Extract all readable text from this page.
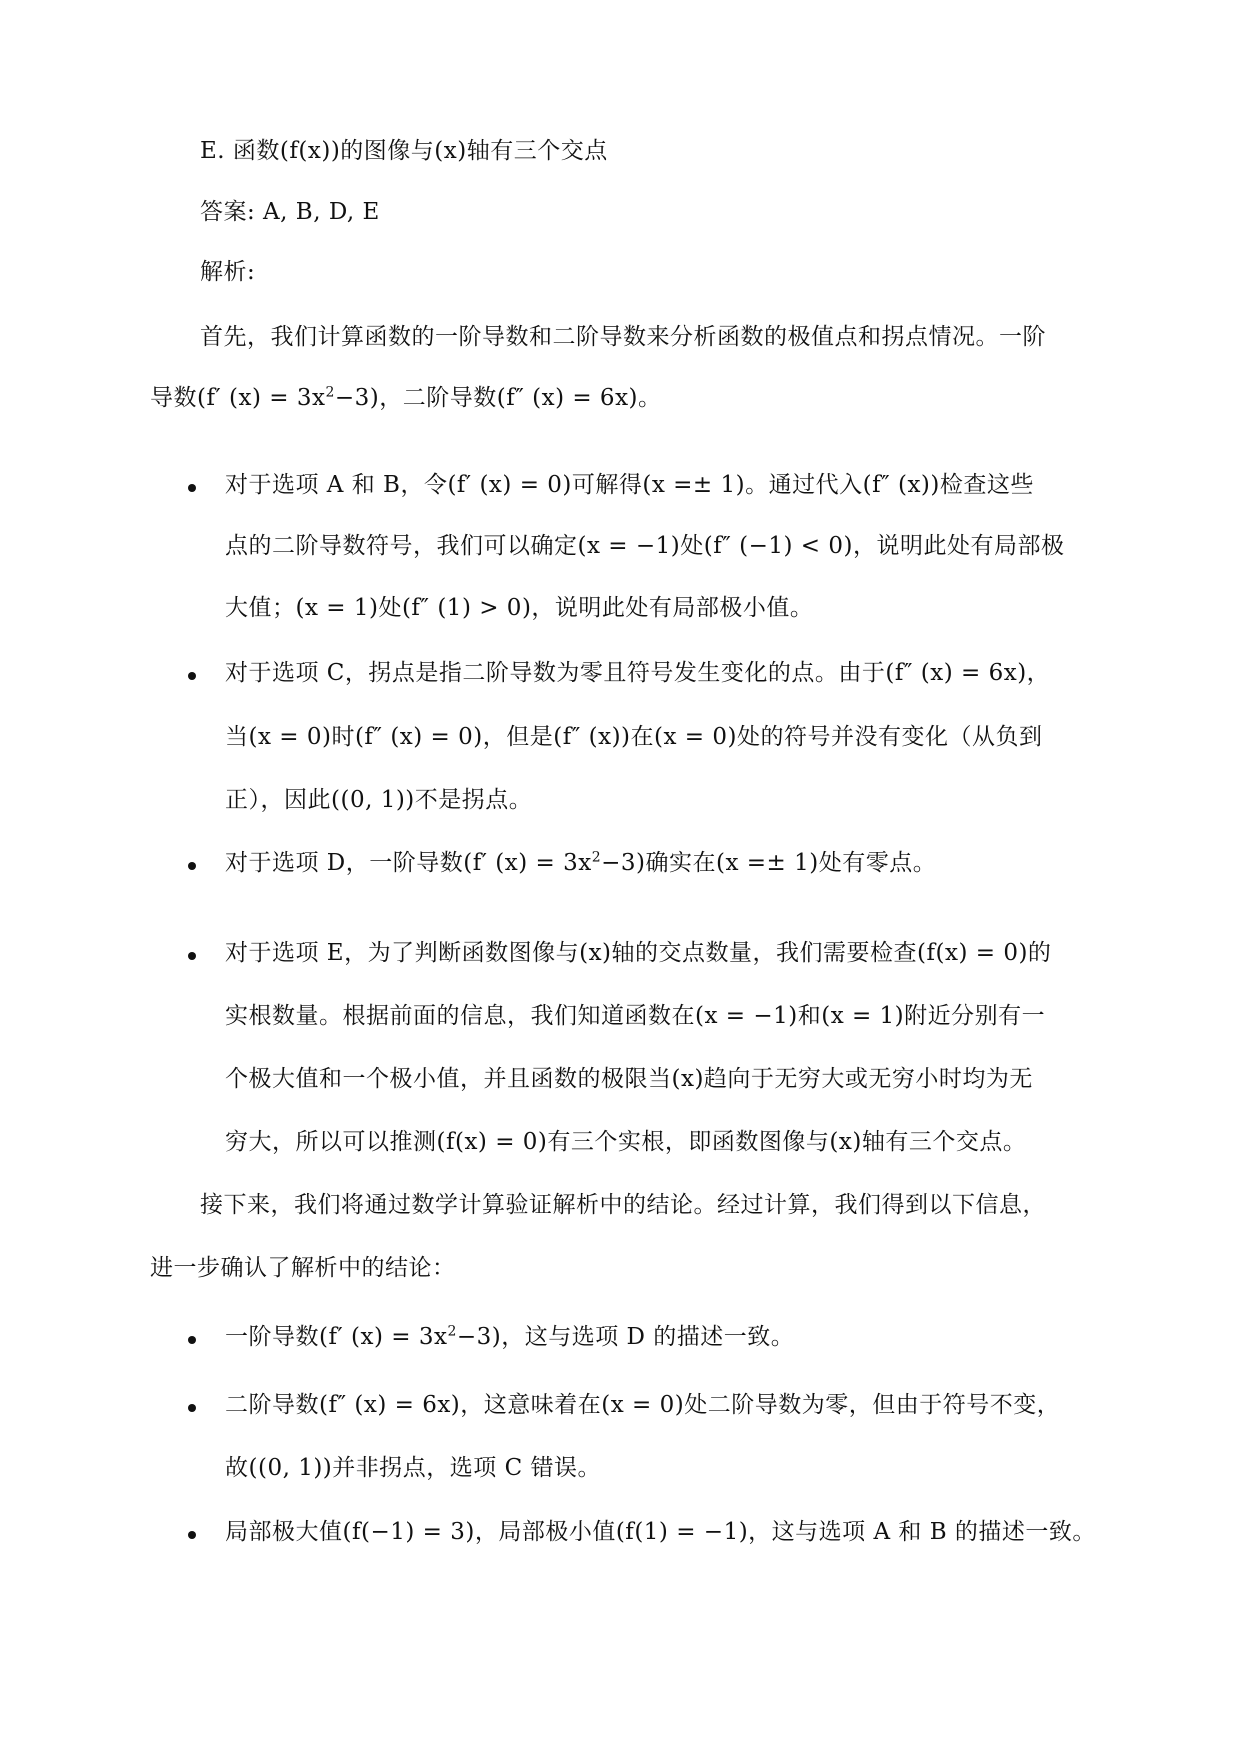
E. 函数(f(x))的图像与(x)轴有三个交点
答案: A, B, D, E
解析:
首先，我们计算函数的一阶导数和二阶导数来分析函数的极值点和拐点情况。一阶
导数(f′ $(x) = 3x^2-3$)，二阶导数(f″ (x) = 6x)。
对于选项 A 和 B，令(f′ (x) = 0)可解得(x =± 1)。通过代入(f″ (x))检查这些
点的二阶导数符号，我们可以确定(x = −1)处(f″ (−1) < 0)，说明此处有局部极
大值；(x = 1)处(f″ (1) > 0)，说明此处有局部极小值。
对于选项 C，拐点是指二阶导数为零且符号发生变化的点。由于(f″ (x) = 6x)，
当(x = 0)时(f″ (x) = 0)，但是(f″ (x))在(x = 0)处的符号并没有变化（从负到
正），因此((0, 1))不是拐点。
对于选项 D，一阶导数(f′ $(x) = 3x^2-3$)确实在(x =± 1)处有零点。
对于选项 E，为了判断函数图像与(x)轴的交点数量，我们需要检查(f(x) = 0)的
实根数量。根据前面的信息，我们知道函数在(x = −1)和(x = 1)附近分别有一
个极大值和一个极小值，并且函数的极限当(x)趋向于无穷大或无穷小时均为无
穷大，所以可以推测(f(x) = 0)有三个实根，即函数图像与(x)轴有三个交点。
接下来，我们将通过数学计算验证解析中的结论。经过计算，我们得到以下信息，
进一步确认了解析中的结论：
一阶导数(f′ $(x) = 3x^2-3$)，这与选项 D 的描述一致。
二阶导数(f″ (x) = 6x)，这意味着在(x = 0)处二阶导数为零，但由于符号不变，
故((0, 1))并非拐点，选项 C 错误。
局部极大值(f(−1) = 3)，局部极小值(f(1) = −1)，这与选项 A 和 B 的描述一致。
